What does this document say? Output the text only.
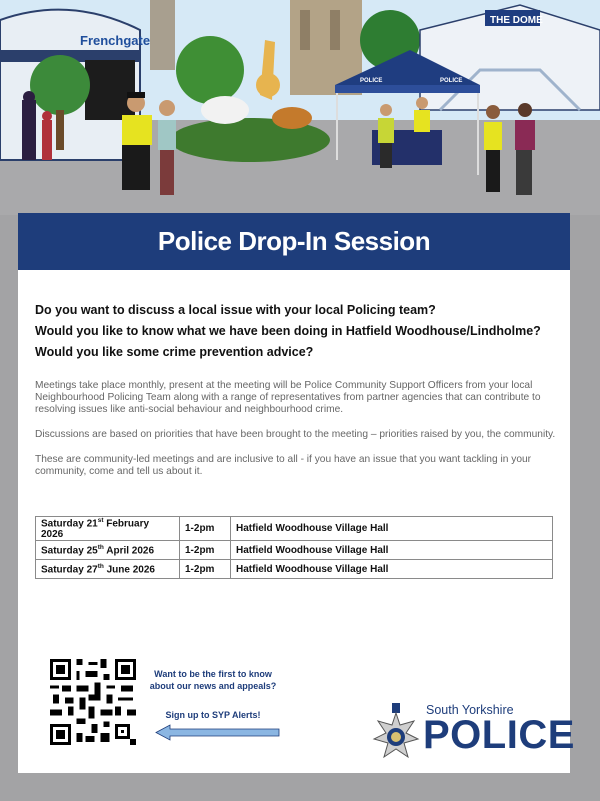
Frenchgate
THE DOME
POLICE	POLICE
Police Drop-In Session

Do you want to discuss a local issue with your local Policing team?

Would you like to know what we have been doing in Hatfield Woodhouse/Lindholme?

Would you like some crime prevention advice?

Meetings take place monthly, present at the meeting will be Police Community Support Officers from your local Neighbourhood Policing Team along with a range of representatives from partner agencies that can contribute to resolving issues like anti-social behaviour and neighbourhood crime.

Discussions are based on priorities that have been brought to the meeting – priorities raised by you, the community.

These are community-led meetings and are inclusive to all - if you have an issue that you want tackling in your community, come and tell us about it.

Saturday 21st February 2026	1-2pm	Hatfield Woodhouse Village Hall
Saturday 25th April 2026	1-2pm	Hatfield Woodhouse Village Hall
Saturday 27th June 2026	1-2pm	Hatfield Woodhouse Village Hall
Want to be the first to know about our news and appeals?
Sign up to SYP Alerts!	South Yorkshire
POLICE
